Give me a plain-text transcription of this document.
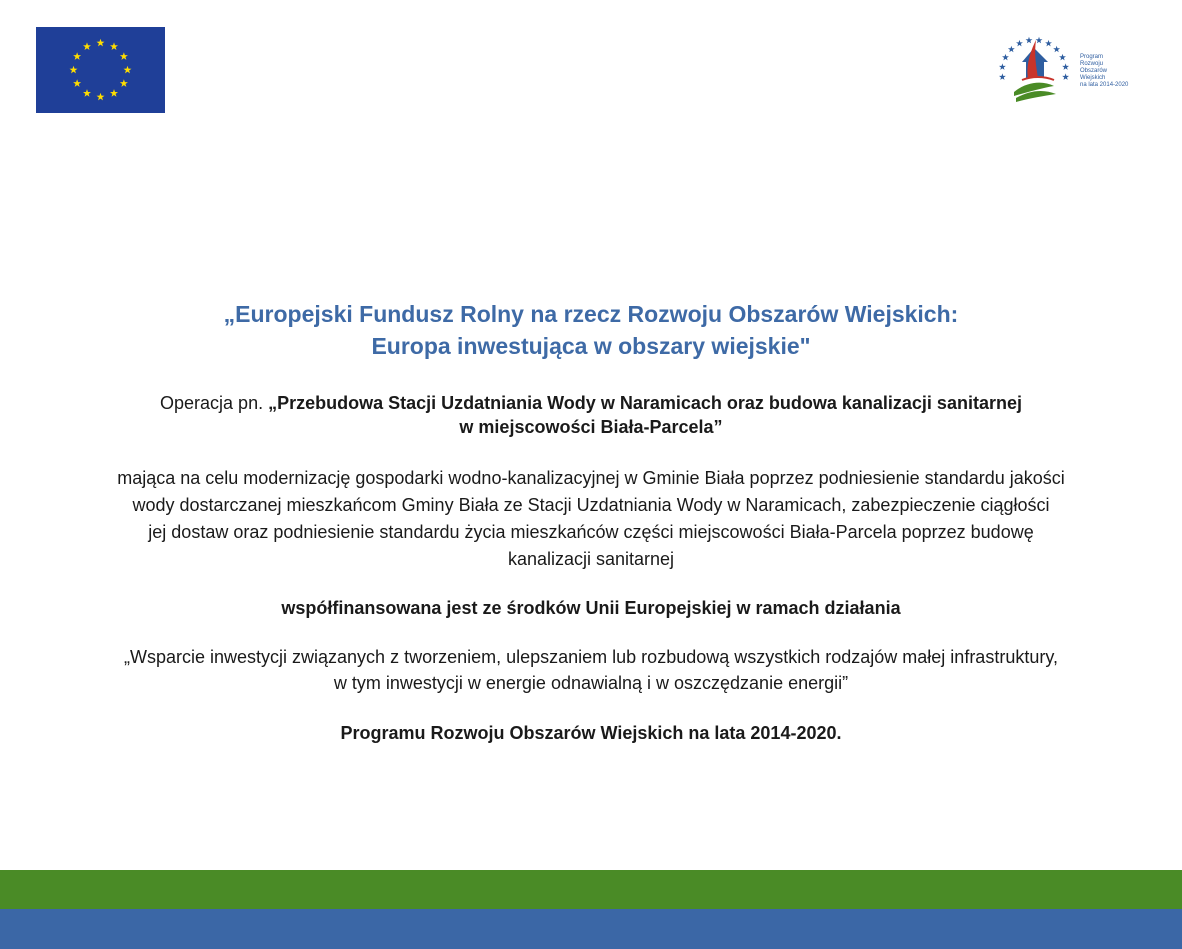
Program
Rozwoju
Obszarów
Wiejskich
na lata 2014-2020
„Europejski Fundusz Rolny na rzecz Rozwoju Obszarów Wiejskich:
Europa inwestująca w obszary wiejskie"

Operacja pn. „Przebudowa Stacji Uzdatniania Wody w Naramicach oraz budowa kanalizacji sanitarnej
w miejscowości Biała-Parcela”

mająca na celu modernizację gospodarki wodno-kanalizacyjnej w Gminie Biała poprzez podniesienie standardu jakości
wody dostarczanej mieszkańcom Gminy Biała ze Stacji Uzdatniania Wody w Naramicach, zabezpieczenie ciągłości
jej dostaw oraz podniesienie standardu życia mieszkańców części miejscowości Biała-Parcela poprzez budowę
kanalizacji sanitarnej

współfinansowana jest ze środków Unii Europejskiej w ramach działania

„Wsparcie inwestycji związanych z tworzeniem, ulepszaniem lub rozbudową wszystkich rodzajów małej infrastruktury,
w tym inwestycji w energie odnawialną i w oszczędzanie energii”

Programu Rozwoju Obszarów Wiejskich na lata 2014-2020.
